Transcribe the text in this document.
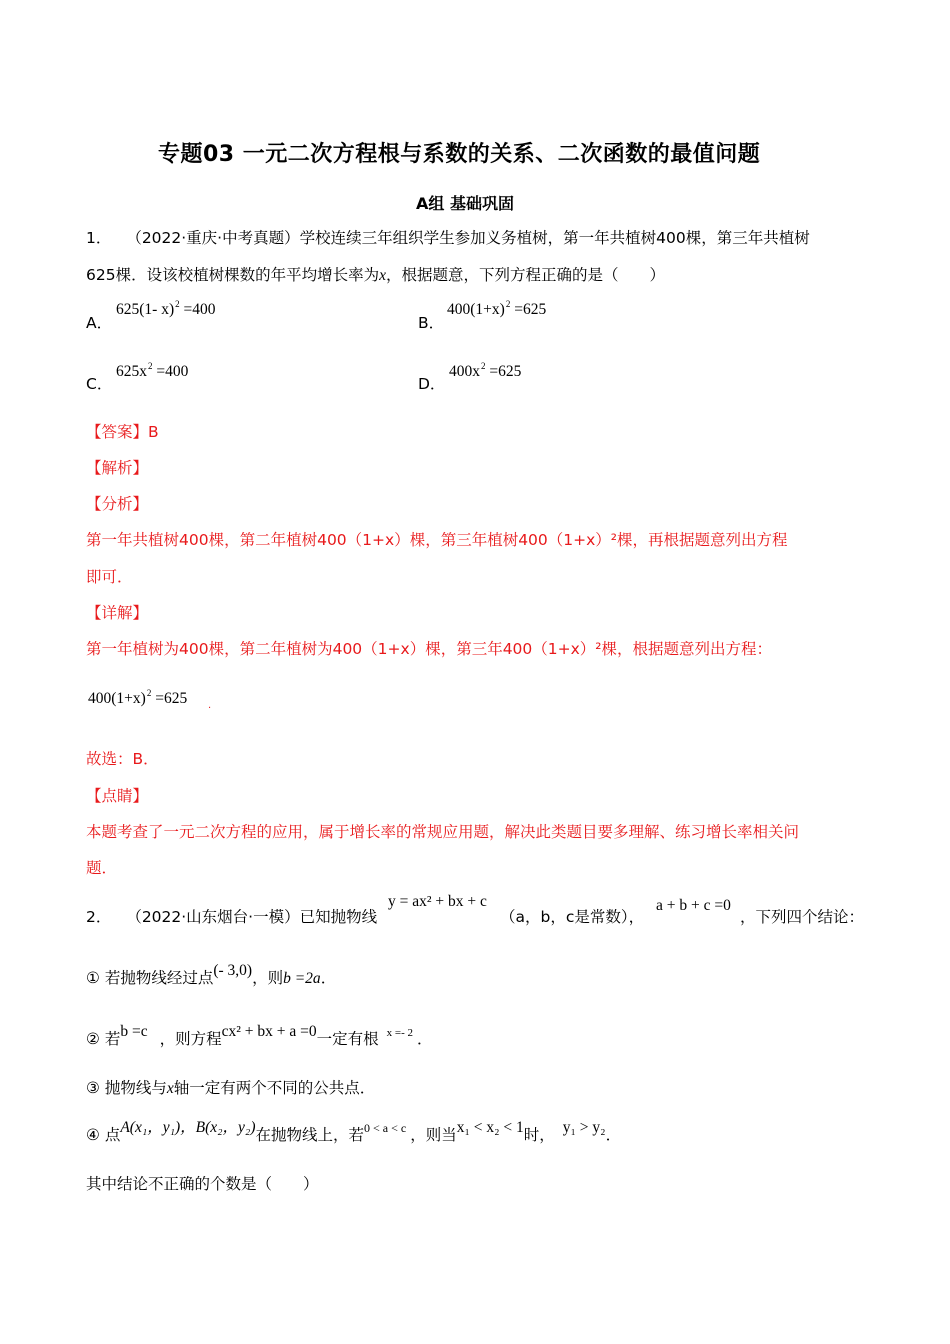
专题03 一元二次方程根与系数的关系、二次函数的最值问题
A组 基础巩固
1． （2022·重庆·中考真题）学校连续三年组织学生参加义务植树，第一年共植树400棵，第三年共植树
625棵．设该校植树棵数的年平均增长率为x，根据题意，下列方程正确的是（　　）
A．
625(1- x)$^2$ =400
B．
$400(1+x)^2 =625$
C．
$625x^2 =400$
D．
$400x^2 =625$
【答案】B
【解析】
【分析】
第一年共植树400棵，第二年植树400（1+x）棵，第三年植树400（1+x）²棵，再根据题意列出方程
即可．
【详解】
第一年植树为400棵，第二年植树为400（1+x）棵，第三年400（1+x）²棵，根据题意列出方程：
$400(1+x)^2 =625$ .
故选：B．
【点睛】
本题考查了一元二次方程的应用，属于增长率的常规应用题，解决此类题目要多理解、练习增长率相关问
题．
2． （2022·山东烟台·一模）已知抛物线
y = ax² + bx + c
（a，b，c是常数），
a + b + c =0
，下列四个结论：
① 若抛物线经过点(- 3,0)，则b =2a．
② 若b =c ，则方程cx² + bx + a =0一定有根 $^{x =- 2}$ ．
③ 抛物线与x轴一定有两个不同的公共点．
④ 点A(x₁，y₁)，B(x₂，y₂)在抛物线上，若$^{0 < a < c}$ ，则当x₁ < x₂ < 1时， y₁ > y₂．
其中结论不正确的个数是（　　）
